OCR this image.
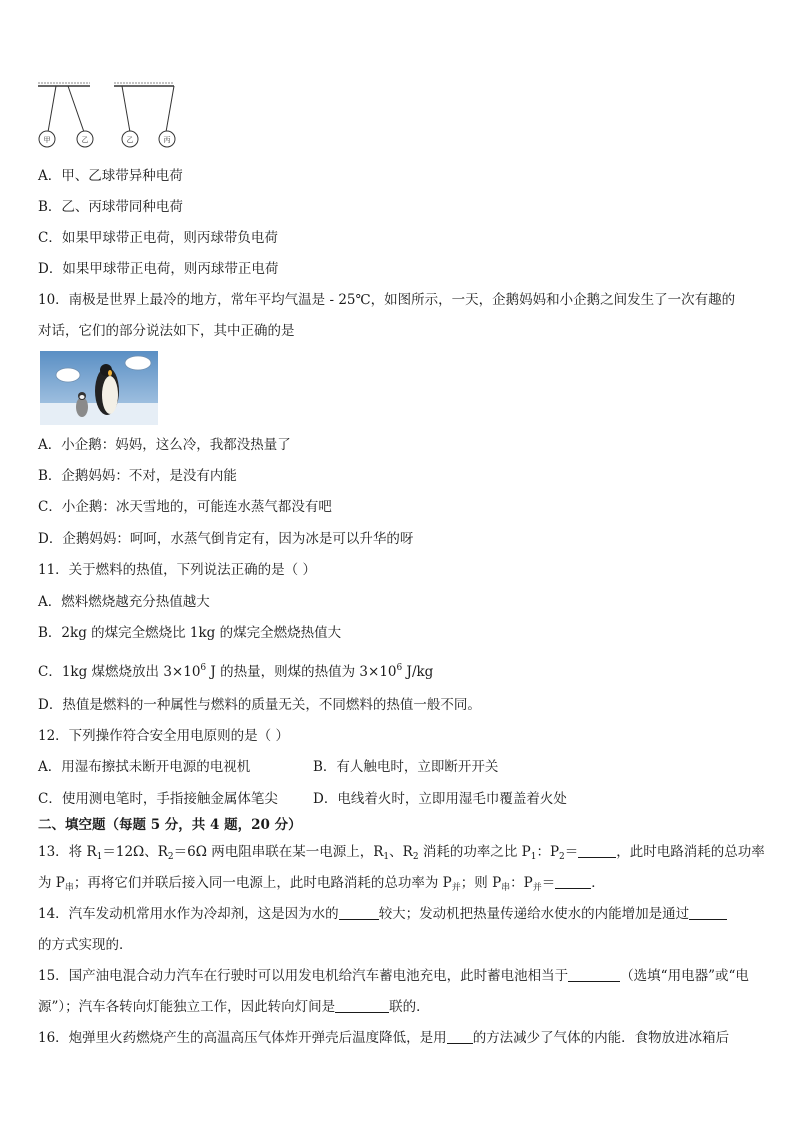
甲	乙	乙	丙
A．甲、乙球带异种电荷
B．乙、丙球带同种电荷
C．如果甲球带正电荷，则丙球带负电荷
D．如果甲球带正电荷，则丙球带正电荷
10．南极是世界上最冷的地方，常年平均气温是 - 25℃，如图所示，一天，企鹅妈妈和小企鹅之间发生了一次有趣的
对话，它们的部分说法如下，其中正确的是
A．小企鹅：妈妈，这么冷，我都没热量了
B．企鹅妈妈：不对，是没有内能
C．小企鹅：冰天雪地的，可能连水蒸气都没有吧
D．企鹅妈妈：呵呵，水蒸气倒肯定有，因为冰是可以升华的呀
11．关于燃料的热值，下列说法正确的是（ ）
A．燃料燃烧越充分热值越大
B．2kg 的煤完全燃烧比 1kg 的煤完全燃烧热值大
C．1kg 煤燃烧放出 $3\times 10^6$ J 的热量，则煤的热值为 $3\times 10^6$ J/kg
D．热值是燃料的一种属性与燃料的质量无关，不同燃料的热值一般不同。
12．下列操作符合安全用电原则的是（ ）
A．用湿布擦拭未断开电源的电视机	B．有人触电时，立即断开开关
C．使用测电笔时，手指接触金属体笔尖	D．电线着火时，立即用湿毛巾覆盖着火处
二、填空题（每题 5 分，共 4 题，20 分）
13．将 $R_1=12\Omega$、$R_2=6\Omega$ 两电阻串联在某一电源上，$R_1$、$R_2$ 消耗的功率之比 $P_1$：$P_2=$	，此时电路消耗的总功率
为 $P_串$；再将它们并联后接入同一电源上，此时电路消耗的总功率为 $P_并$；则 $P_串$：$P_并=$	．
14．汽车发动机常用水作为冷却剂，这是因为水的	较大；发动机把热量传递给水使水的内能增加是通过
的方式实现的．
15．国产油电混合动力汽车在行驶时可以用发电机给汽车蓄电池充电，此时蓄电池相当于	（选填“用电器”或“电
源”）；汽车各转向灯能独立工作，因此转向灯间是	联的．
16．炮弹里火药燃烧产生的高温高压气体炸开弹壳后温度降低，是用 的方法减少了气体的内能．食物放进冰箱后
